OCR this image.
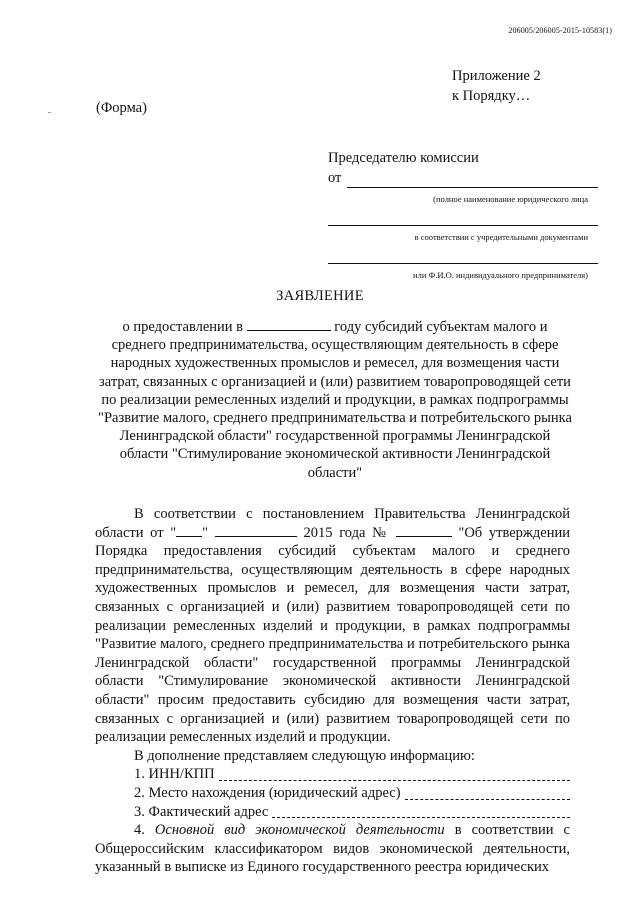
206005/206005-2015-10583(1)
Приложение 2
к Порядку…
(Форма)
Председателю комиссии
от
(полное наименование юридического лица
в соответствии с учредительными документами
или Ф.И.О. индивидуального предпринимателя)
ЗАЯВЛЕНИЕ
о предоставлении в	году субсидий субъектам малого и среднего предпринимательства, осуществляющим деятельность в сфере народных художественных промыслов и ремесел, для возмещения части затрат, связанных с организацией и (или) развитием товаропроводящей сети по реализации ремесленных изделий и продукции, в рамках подпрограммы "Развитие малого, среднего предпринимательства и потребительского рынка Ленинградской области" государственной программы Ленинградской области "Стимулирование экономической активности Ленинградской области"

В соответствии с постановлением Правительства Ленинградской области от " "	2015 года №	"Об утверждении Порядка предоставления субсидий субъектам малого и среднего предпринимательства, осуществляющим деятельность в сфере народных художественных промыслов и ремесел, для возмещения части затрат, связанных с организацией и (или) развитием товаропроводящей сети по реализации ремесленных изделий и продукции, в рамках подпрограммы "Развитие малого, среднего предпринимательства и потребительского рынка Ленинградской области" государственной программы Ленинградской области "Стимулирование экономической активности Ленинградской области" просим предоставить субсидию для возмещения части затрат, связанных с организацией и (или) развитием товаропроводящей сети по реализации ремесленных изделий и продукции.

В дополнение представляем следующую информацию:

1. ИНН/КПП
2. Место нахождения (юридический адрес)
3. Фактический адрес

4. Основной вид экономической деятельности в соответствии с Общероссийским классификатором видов экономической деятельности, указанный в выписке из Единого государственного реестра юридических
